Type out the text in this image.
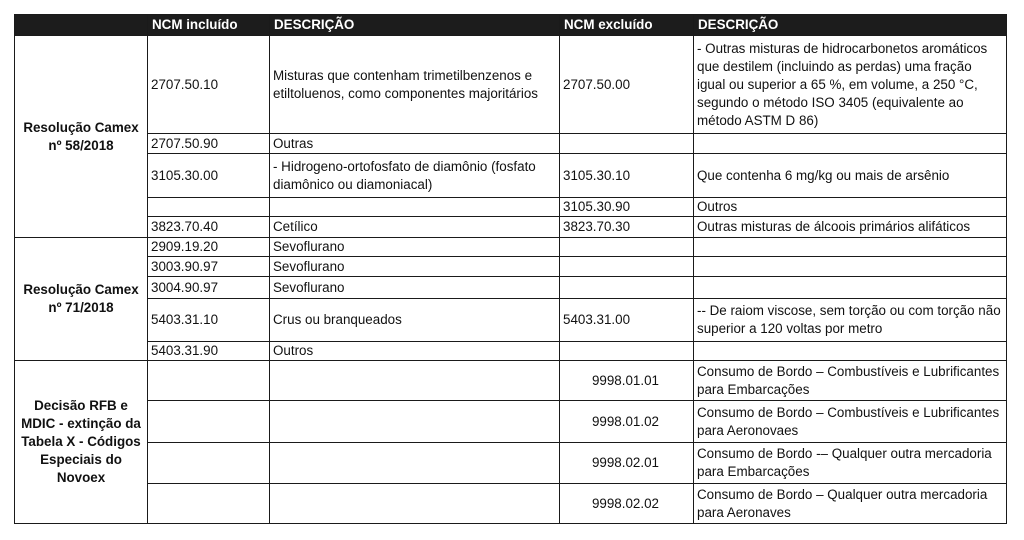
	NCM incluído	DESCRIÇÃO	NCM excluído	DESCRIÇÃO
Resolução Camex nº 58/2018	2707.50.10	Misturas que contenham trimetilbenzenos e etiltoluenos, como componentes majoritários	2707.50.00	- Outras misturas de hidrocarbonetos aromáticos que destilem (incluindo as perdas) uma fração igual ou superior a 65 %, em volume, a 250 °C, segundo o método ISO 3405 (equivalente ao método ASTM D 86)
	2707.50.90	Outras		
	3105.30.00	- Hidrogeno-ortofosfato de diamônio (fosfato diamônico ou diamoniacal)	3105.30.10	Que contenha 6 mg/kg ou mais de arsênio
			3105.30.90	Outros
	3823.70.40	Cetílico	3823.70.30	Outras misturas de álcoois primários alifáticos
Resolução Camex nº 71/2018	2909.19.20	Sevoflurano		
	3003.90.97	Sevoflurano		
	3004.90.97	Sevoflurano		
	5403.31.10	Crus ou branqueados	5403.31.00	-- De raiom viscose, sem torção ou com torção não superior a 120 voltas por metro
	5403.31.90	Outros		
Decisão RFB e MDIC - extinção da Tabela X - Códigos Especiais do Novoex			9998.01.01	Consumo de Bordo – Combustíveis e Lubrificantes para Embarcações
			9998.01.02	Consumo de Bordo – Combustíveis e Lubrificantes para Aeronovaes
			9998.02.01	Consumo de Bordo -– Qualquer outra mercadoria para Embarcações
			9998.02.02	Consumo de Bordo – Qualquer outra mercadoria para Aeronaves
